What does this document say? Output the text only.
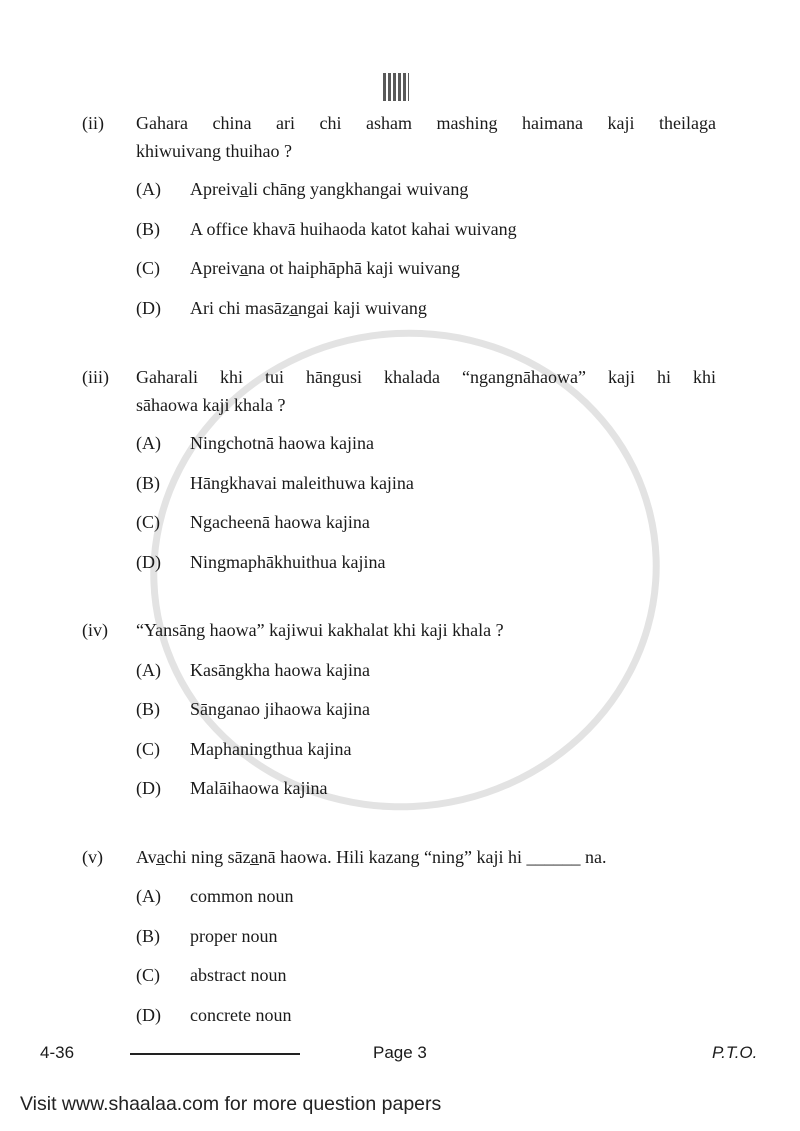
(ii) Gahara china ari chi asham mashing haimana kaji theilaga
khiwuivang thuihao ?
(A) Apreiva̲li chāng yangkhangai wuivang
(B) A office khavā huihaoda katot kahai wuivang
(C) Apreiva̲na ot haiphāphā kaji wuivang
(D) Ari chi masāza̲ngai kaji wuivang
(iii) Gaharali khi tui hāngusi khalada “ngangnāhaowa” kaji hi khi
sāhaowa kaji khala ?
(A) Ningchotnā haowa kajina
(B) Hāngkhavai maleithuwa kajina
(C) Ngacheenā haowa kajina
(D) Ningmaphākhuithua kajina
(iv) “Yansāng haowa” kajiwui kakhalat khi kaji khala ?
(A) Kasāngkha haowa kajina
(B) Sānganao jihaowa kajina
(C) Maphaningthua kajina
(D) Malāihaowa kajina
(v) Ava̲chi ning sāza̲nā haowa. Hili kazang “ning” kaji hi ______ na.
(A) common noun
(B) proper noun
(C) abstract noun
(D) concrete noun
4-36	Page 3	P.T.O.
Visit www.shaalaa.com for more question papers
